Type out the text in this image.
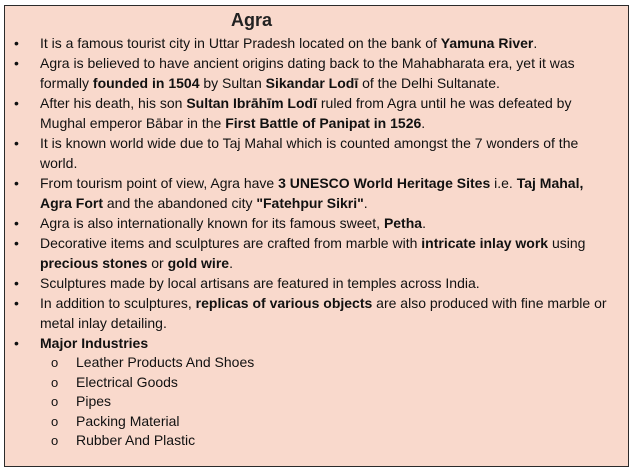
Agra
• It is a famous tourist city in Uttar Pradesh located on the bank of Yamuna River.
• Agra is believed to have ancient origins dating back to the Mahabharata era, yet it was formally founded in 1504 by Sultan Sikandar Lodī of the Delhi Sultanate.
• After his death, his son Sultan Ibrāhīm Lodī ruled from Agra until he was defeated by Mughal emperor Bābar in the First Battle of Panipat in 1526.
• It is known world wide due to Taj Mahal which is counted amongst the 7 wonders of the world.
• From tourism point of view, Agra have 3 UNESCO World Heritage Sites i.e. Taj Mahal, Agra Fort and the abandoned city "Fatehpur Sikri".
• Agra is also internationally known for its famous sweet, Petha.
• Decorative items and sculptures are crafted from marble with intricate inlay work using precious stones or gold wire.
• Sculptures made by local artisans are featured in temples across India.
• In addition to sculptures, replicas of various objects are also produced with fine marble or metal inlay detailing.
• Major Industries
o Leather Products And Shoes
o Electrical Goods
o Pipes
o Packing Material
o Rubber And Plastic
